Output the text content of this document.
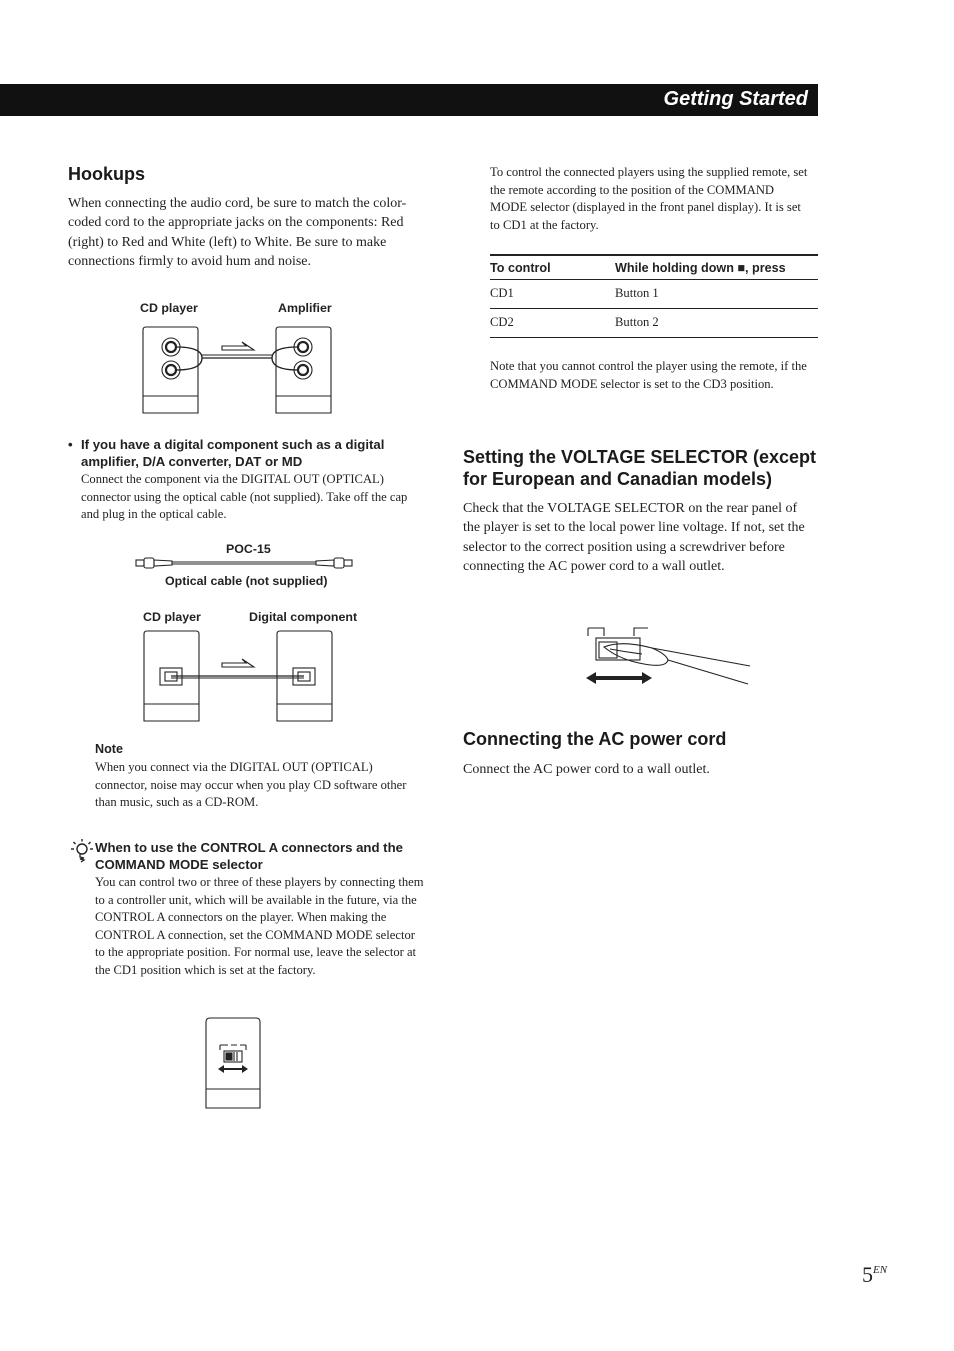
Getting Started
Hookups
When connecting the audio cord, be sure to match the color-coded cord to the appropriate jacks on the components: Red (right) to Red and White (left) to White. Be sure to make connections firmly to avoid hum and noise.
CD player	Amplifier
• If you have a digital component such as a digital amplifier, D/A converter, DAT or MD
Connect the component via the DIGITAL OUT (OPTICAL) connector using the optical cable (not supplied). Take off the cap and plug in the optical cable.
POC-15
Optical cable (not supplied)
CD player	Digital component
Note
When you connect via the DIGITAL OUT (OPTICAL) connector, noise may occur when you play CD software other than music, such as a CD-ROM.
When to use the CONTROL A connectors and the COMMAND MODE selector
You can control two or three of these players by connecting them to a controller unit, which will be available in the future, via the CONTROL A connectors on the player. When making the CONTROL A connection, set the COMMAND MODE selector to the appropriate position. For normal use, leave the selector at the CD1 position which is set at the factory.
To control the connected players using the supplied remote, set the remote according to the position of the COMMAND MODE selector (displayed in the front panel display). It is set to CD1 at the factory.
To control	While holding down ■, press
CD1	Button 1
CD2	Button 2
Note that you cannot control the player using the remote, if the COMMAND MODE selector is set to the CD3 position.
Setting the VOLTAGE SELECTOR (except for European and Canadian models)
Check that the VOLTAGE SELECTOR on the rear panel of the player is set to the local power line voltage. If not, set the selector to the correct position using a screwdriver before connecting the AC power cord to a wall outlet.
Connecting the AC power cord
Connect the AC power cord to a wall outlet.
$5^{EN}$
